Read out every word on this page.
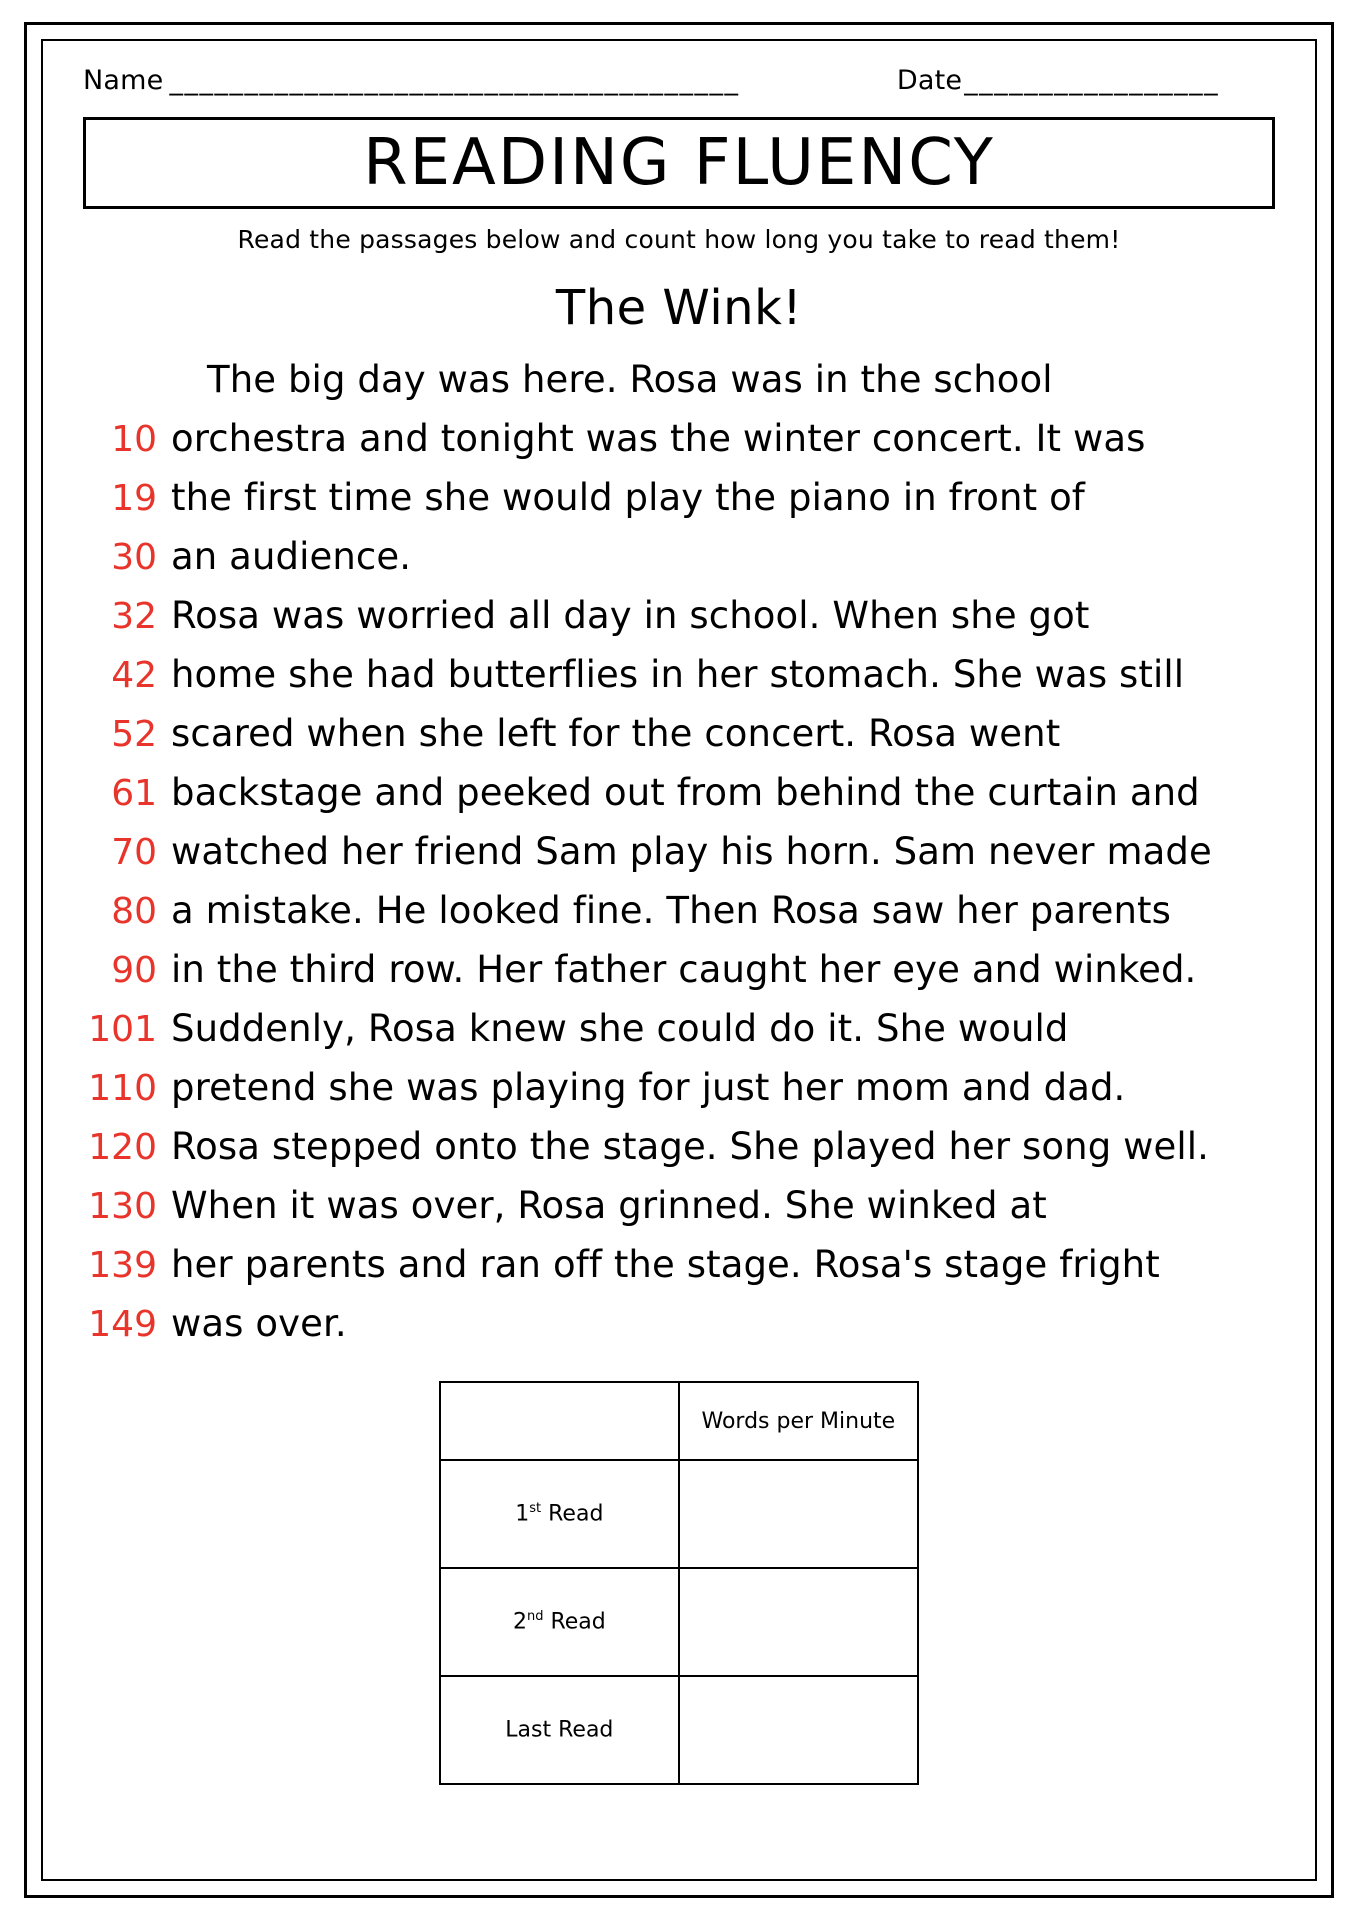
Name ______________________________________	Date _________________
READING FLUENCY
Read the passages below and count how long you take to read them!
The Wink!
The big day was here. Rosa was in the school
10 orchestra and tonight was the winter concert. It was
19 the first time she would play the piano in front of
30 an audience.
32 Rosa was worried all day in school. When she got
42 home she had butterflies in her stomach. She was still
52 scared when she left for the concert. Rosa went
61 backstage and peeked out from behind the curtain and
70 watched her friend Sam play his horn. Sam never made
80 a mistake. He looked fine. Then Rosa saw her parents
90 in the third row. Her father caught her eye and winked.
101 Suddenly, Rosa knew she could do it. She would
110 pretend she was playing for just her mom and dad.
120 Rosa stepped onto the stage. She played her song well.
130 When it was over, Rosa grinned. She winked at
139 her parents and ran off the stage. Rosa's stage fright
149 was over.
	Words per Minute
1st Read	
2nd Read	
Last Read	
